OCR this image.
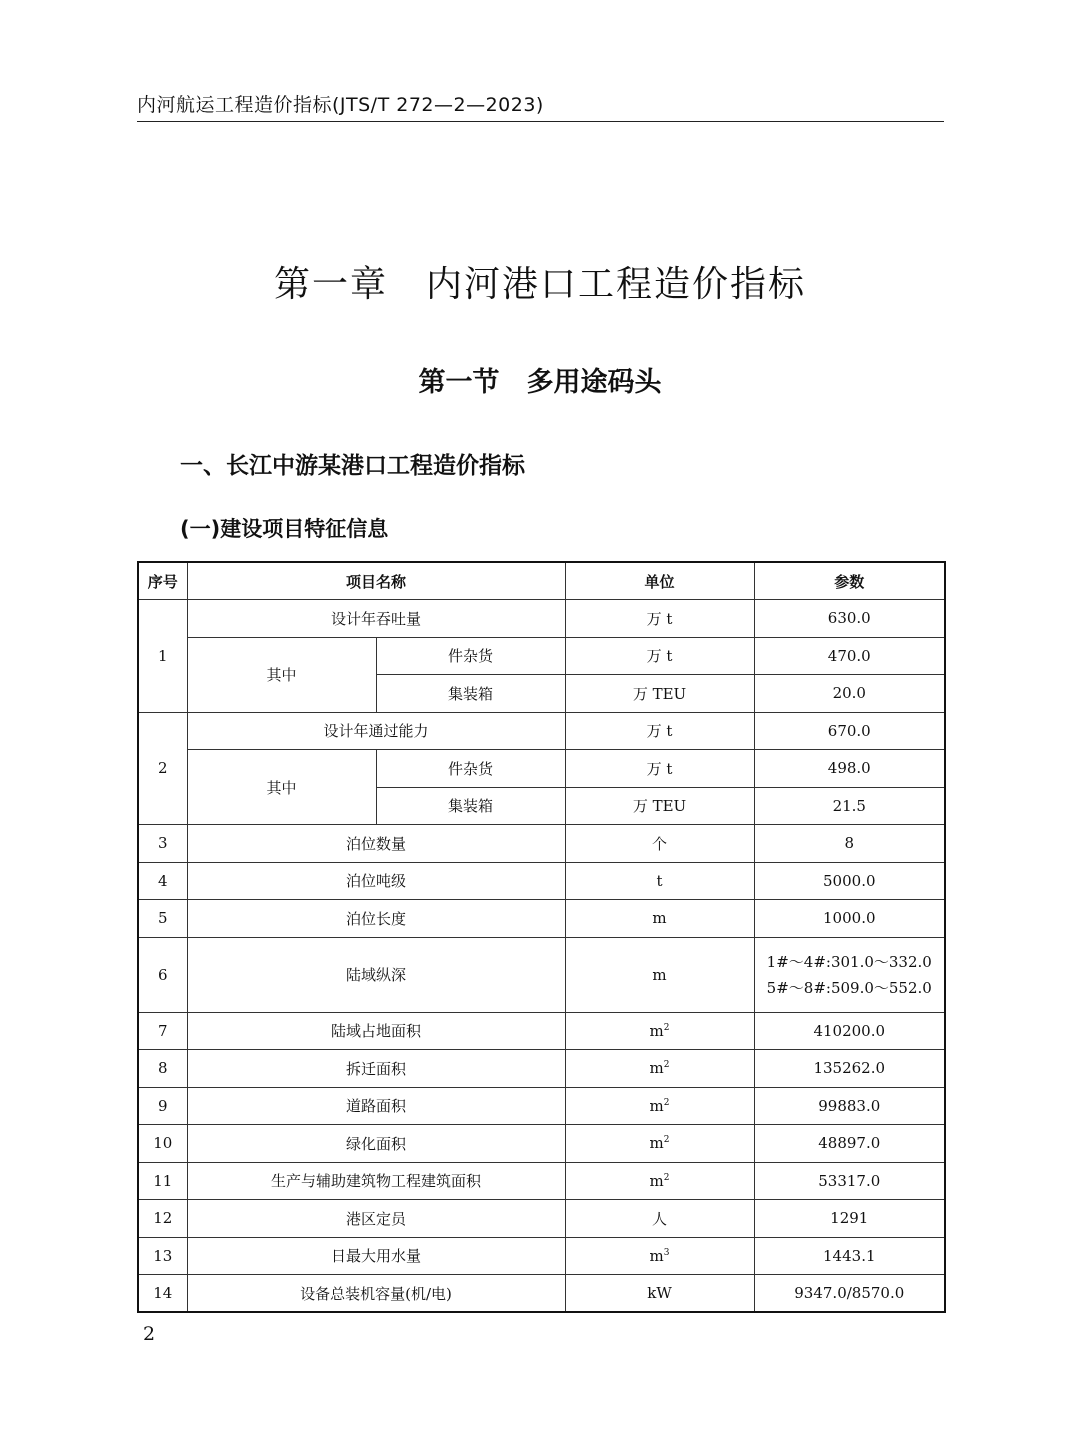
内河航运工程造价指标(JTS/T 272—2—2023)
第一章　内河港口工程造价指标
第一节　多用途码头
一、长江中游某港口工程造价指标
(一)建设项目特征信息
序号	项目名称		单位	参数
1	设计年吞吐量		万 t	630.0
	其中	件杂货	万 t	470.0
		集装箱	万 TEU	20.0
2	设计年通过能力		万 t	670.0
	其中	件杂货	万 t	498.0
		集装箱	万 TEU	21.5
3	泊位数量		个	8
4	泊位吨级		t	5000.0
5	泊位长度		m	1000.0
6	陆域纵深		m	1#～4#:301.0～332.0
5#～8#:509.0～552.0

7	陆域占地面积		$m^2$	410200.0
8	拆迁面积		$m^2$	135262.0
9	道路面积		$m^2$	99883.0
10	绿化面积		$m^2$	48897.0
11	生产与辅助建筑物工程建筑面积		$m^2$	53317.0
12	港区定员		人	1291
13	日最大用水量		$m^3$	1443.1
14	设备总装机容量(机/电)		kW	9347.0/8570.0
2
